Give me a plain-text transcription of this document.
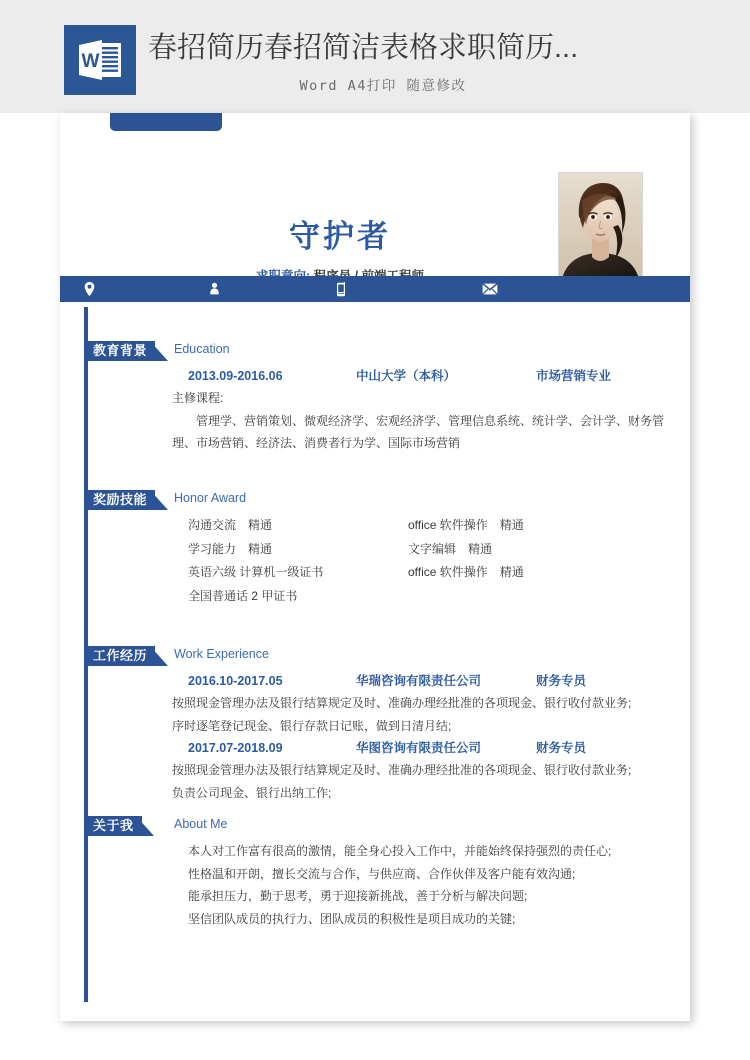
W 春招简历春招简洁表格求职简历...
Word A4打印 随意修改
守护者
教育背景	Education
2013.09-2016.06	中山大学（本科）	市场营销专业
主修课程:
管理学、营销策划、微观经济学、宏观经济学、管理信息系统、统计学、会计学、财务管理、市场营销、经济法、消费者行为学、国际市场营销
奖励技能	Honor Award
沟通交流　精通	office 软件操作　精通
学习能力　精通	文字编辑　精通
英语六级 计算机一级证书	office 软件操作　精通
全国普通话 2 甲证书
工作经历	Work Experience
2016.10-2017.05	华瑞咨询有限责任公司	财务专员
按照现金管理办法及银行结算规定及时、准确办理经批准的各项现金、银行收付款业务;
序时逐笔登记现金、银行存款日记账，做到日清月结;
2017.07-2018.09	华图咨询有限责任公司	财务专员
按照现金管理办法及银行结算规定及时、准确办理经批准的各项现金、银行收付款业务;
负责公司现金、银行出纳工作;
关于我	About Me
本人对工作富有很高的激情，能全身心投入工作中，并能始终保持强烈的责任心;
性格温和开朗，擅长交流与合作，与供应商、合作伙伴及客户能有效沟通;
能承担压力，勤于思考，勇于迎接新挑战，善于分析与解决问题;
坚信团队成员的执行力、团队成员的积极性是项目成功的关键;
